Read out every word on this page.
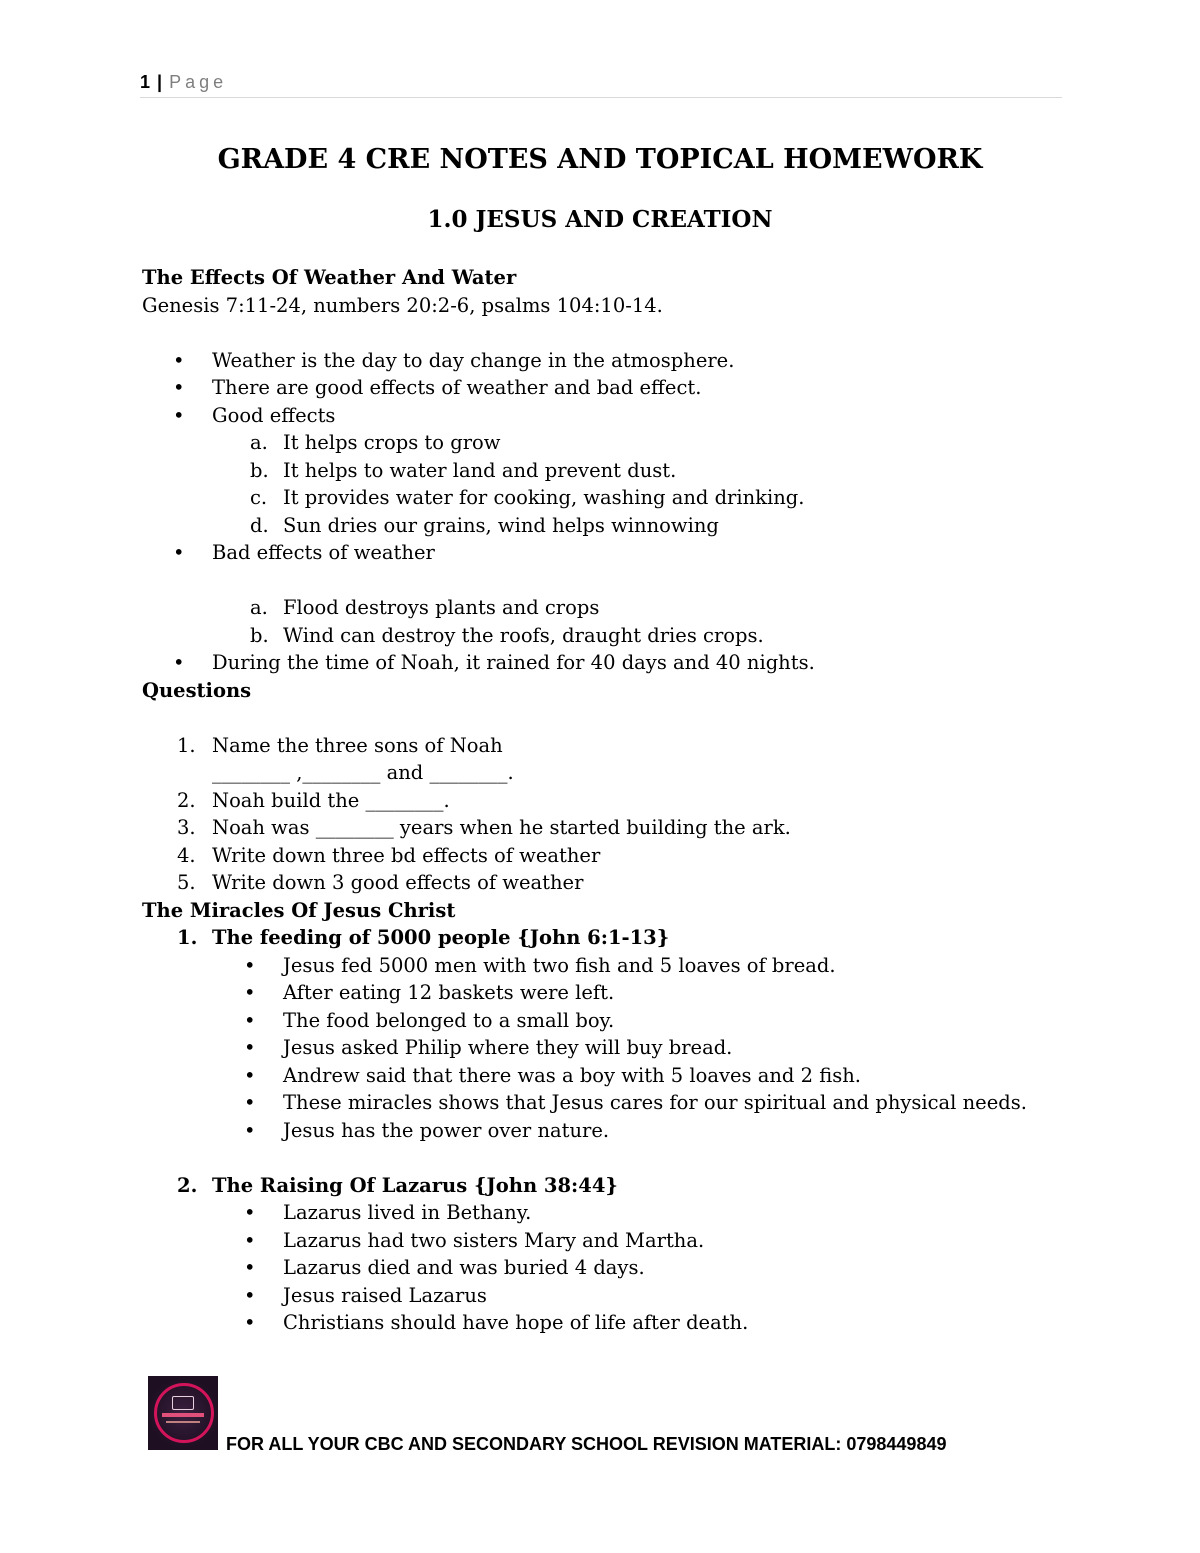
1 | Page
GRADE 4 CRE NOTES AND TOPICAL HOMEWORK
1.0 JESUS AND CREATION

The Effects Of Weather And Water

Genesis 7:11-24, numbers 20:2-6, psalms 104:10-14.

• Weather is the day to day change in the atmosphere.
• There are good effects of weather and bad effect.
• Good effects
a. It helps crops to grow
b. It helps to water land and prevent dust.
c. It provides water for cooking, washing and drinking.
d. Sun dries our grains, wind helps winnowing
• Bad effects of weather
a. Flood destroys plants and crops
b. Wind can destroy the roofs, draught dries crops.
• During the time of Noah, it rained for 40 days and 40 nights.

Questions

1. Name the three sons of Noah
________ ,________ and ________.
2. Noah build the ________.
3. Noah was ________ years when he started building the ark.
4. Write down three bd effects of weather
5. Write down 3 good effects of weather

The Miracles Of Jesus Christ

1. The feeding of 5000 people {John 6:1-13}
• Jesus fed 5000 men with two fish and 5 loaves of bread.
• After eating 12 baskets were left.
• The food belonged to a small boy.
• Jesus asked Philip where they will buy bread.
• Andrew said that there was a boy with 5 loaves and 2 fish.
• These miracles shows that Jesus cares for our spiritual and physical needs.
• Jesus has the power over nature.
2. The Raising Of Lazarus {John 38:44}
• Lazarus lived in Bethany.
• Lazarus had two sisters Mary and Martha.
• Lazarus died and was buried 4 days.
• Jesus raised Lazarus
• Christians should have hope of life after death.
FOR ALL YOUR CBC AND SECONDARY SCHOOL REVISION MATERIAL: 0798449849
